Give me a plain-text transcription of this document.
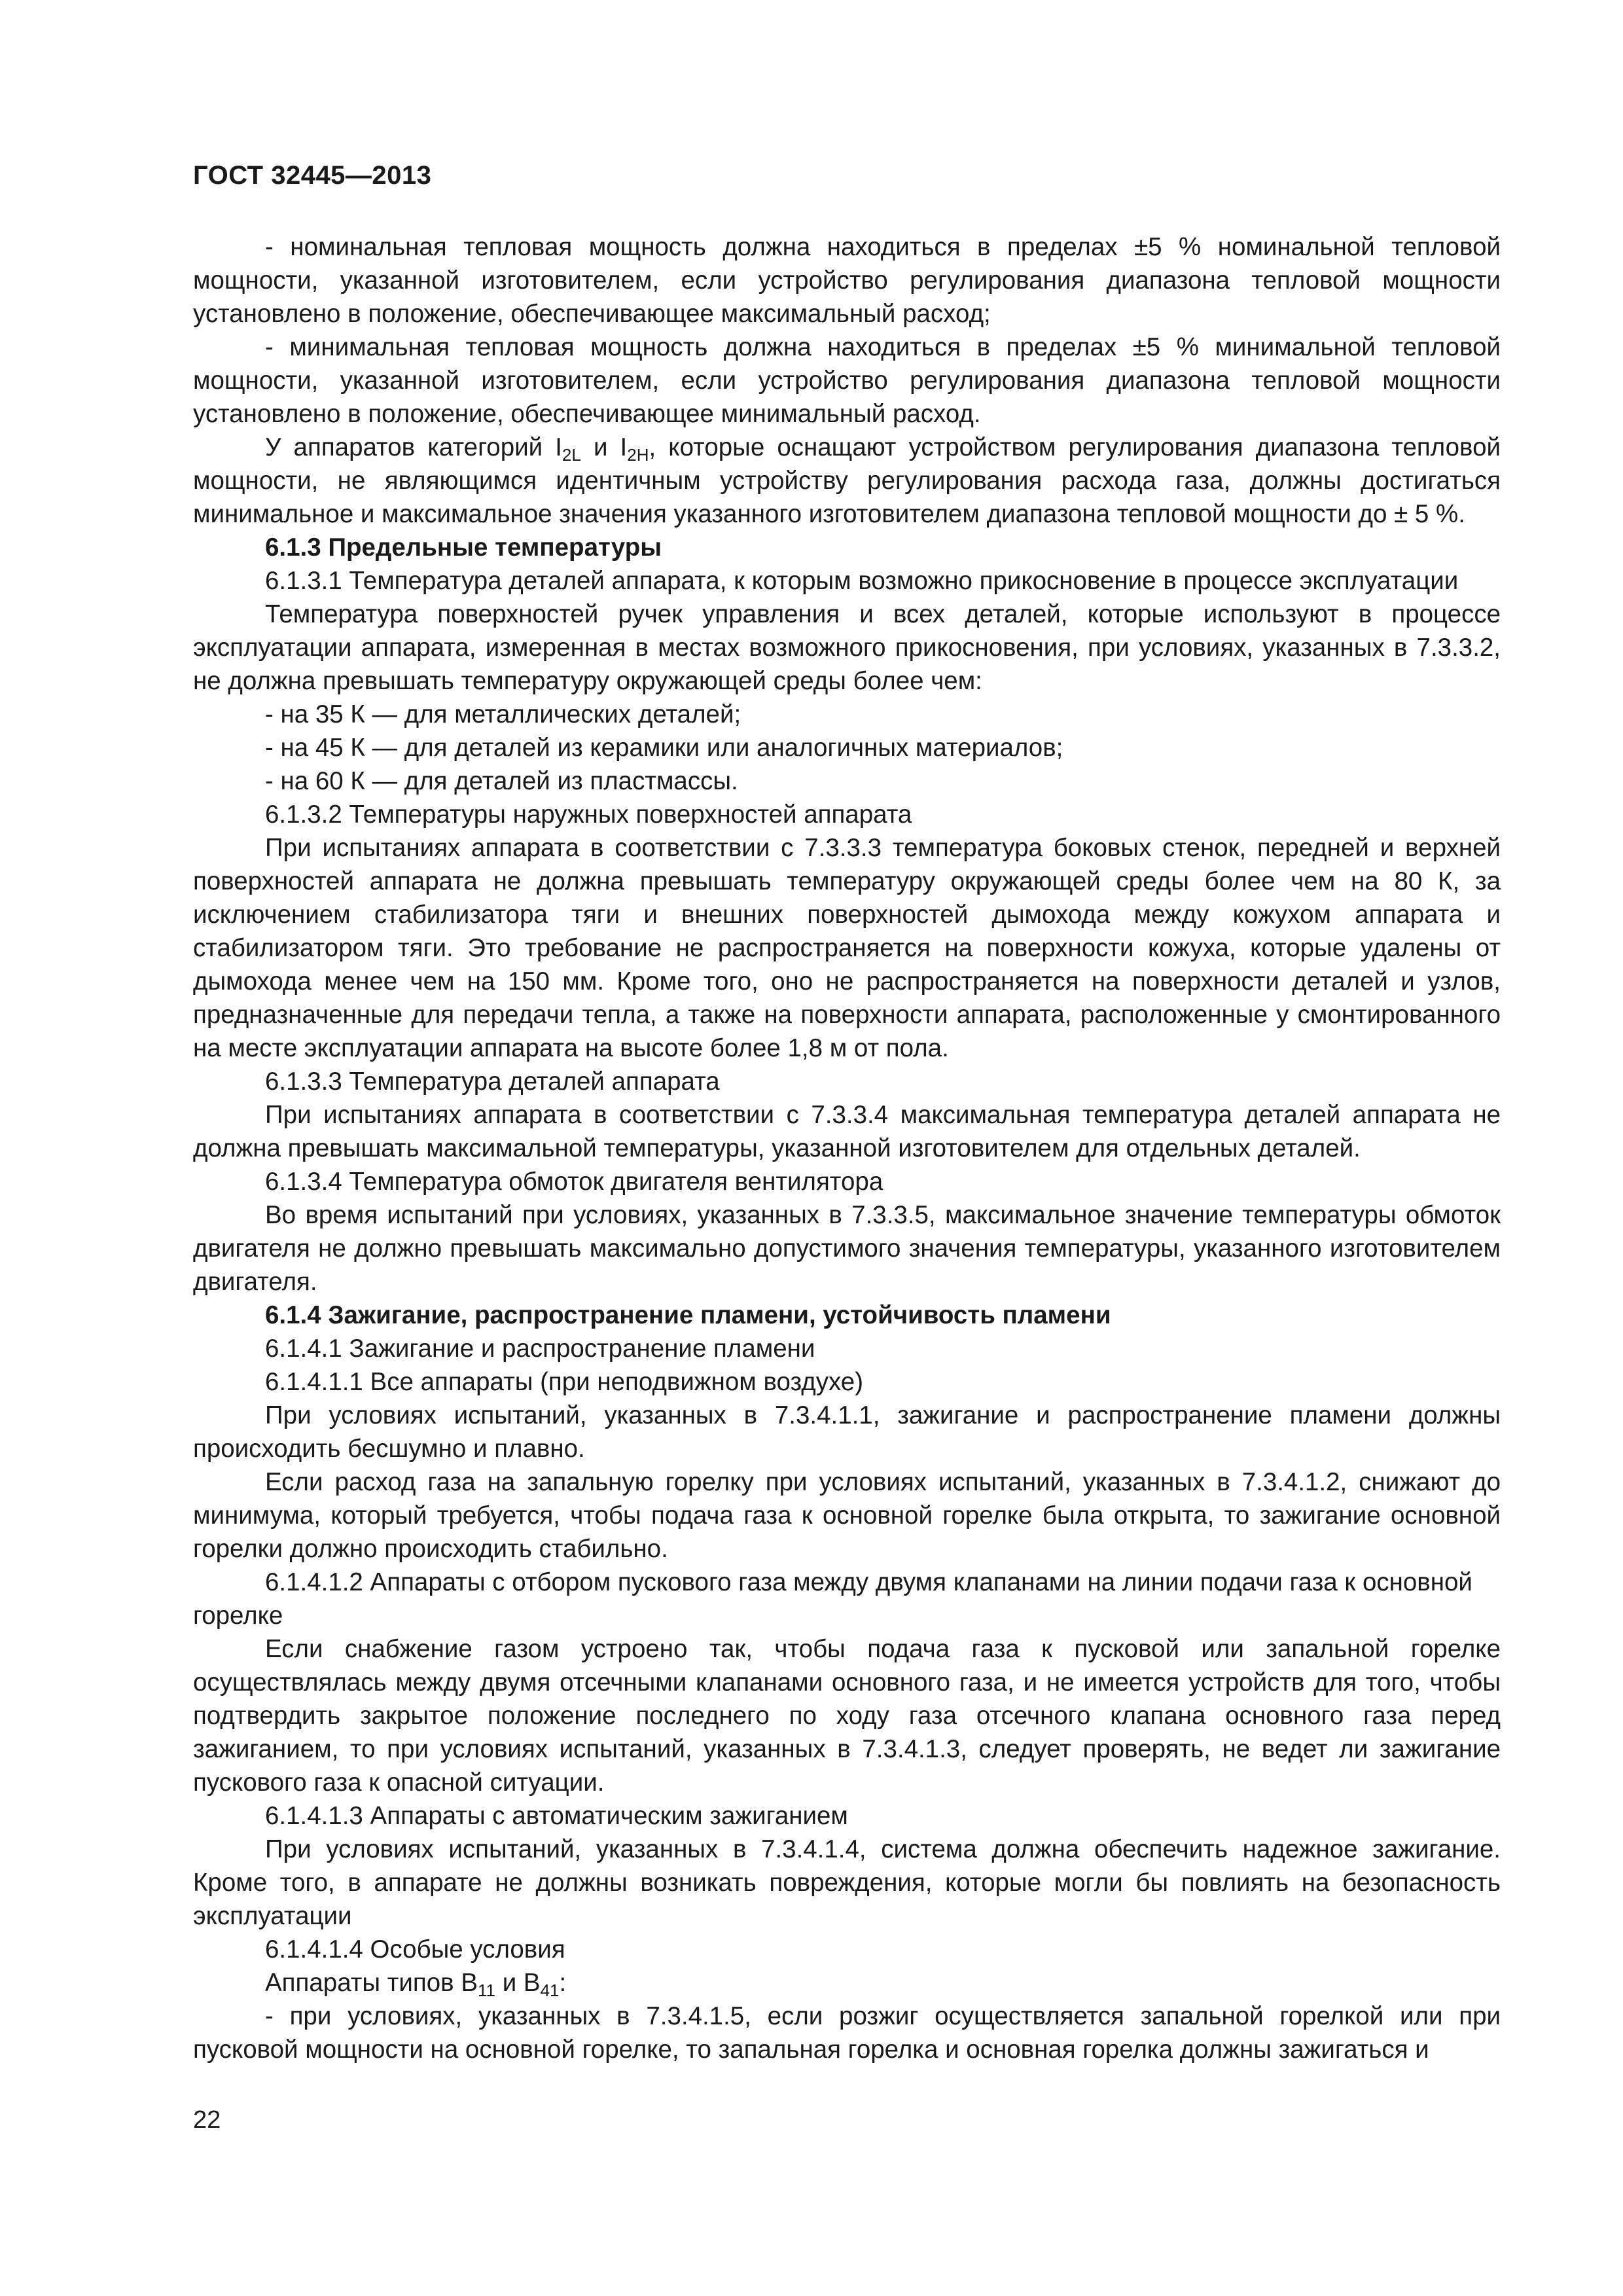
ГОСТ 32445—2013

- номинальная тепловая мощность должна находиться в пределах ±5 % номинальной тепловой мощности, указанной изготовителем, если устройство регулирования диапазона тепловой мощности установлено в положение, обеспечивающее максимальный расход;

- минимальная тепловая мощность должна находиться в пределах ±5 % минимальной тепловой мощности, указанной изготовителем, если устройство регулирования диапазона тепловой мощности установлено в положение, обеспечивающее минимальный расход.

У аппаратов категорий $I_{2L}$ и $I_{2H}$, которые оснащают устройством регулирования диапазона тепловой мощности, не являющимся идентичным устройству регулирования расхода газа, должны достигаться минимальное и максимальное значения указанного изготовителем диапазона тепловой мощности до ± 5 %.

6.1.3 Предельные температуры

6.1.3.1 Температура деталей аппарата, к которым возможно прикосновение в процессе эксплуатации

Температура поверхностей ручек управления и всех деталей, которые используют в процессе эксплуатации аппарата, измеренная в местах возможного прикосновения, при условиях, указанных в 7.3.3.2, не должна превышать температуру окружающей среды более чем:

- на 35 К — для металлических деталей;

- на 45 К — для деталей из керамики или аналогичных материалов;

- на 60 К — для деталей из пластмассы.

6.1.3.2 Температуры наружных поверхностей аппарата

При испытаниях аппарата в соответствии с 7.3.3.3 температура боковых стенок, передней и верхней поверхностей аппарата не должна превышать температуру окружающей среды более чем на 80 К, за исключением стабилизатора тяги и внешних поверхностей дымохода между кожухом аппарата и стабилизатором тяги. Это требование не распространяется на поверхности кожуха, которые удалены от дымохода менее чем на 150 мм. Кроме того, оно не распространяется на поверхности деталей и узлов, предназначенные для передачи тепла, а также на поверхности аппарата, расположенные у смонтированного на месте эксплуатации аппарата на высоте более 1,8 м от пола.

6.1.3.3 Температура деталей аппарата

При испытаниях аппарата в соответствии с 7.3.3.4 максимальная температура деталей аппарата не должна превышать максимальной температуры, указанной изготовителем для отдельных деталей.

6.1.3.4 Температура обмоток двигателя вентилятора

Во время испытаний при условиях, указанных в 7.3.3.5, максимальное значение температуры обмоток двигателя не должно превышать максимально допустимого значения температуры, указанного изготовителем двигателя.

6.1.4 Зажигание, распространение пламени, устойчивость пламени

6.1.4.1 Зажигание и распространение пламени

6.1.4.1.1 Все аппараты (при неподвижном воздухе)

При условиях испытаний, указанных в 7.3.4.1.1, зажигание и распространение пламени должны происходить бесшумно и плавно.

Если расход газа на запальную горелку при условиях испытаний, указанных в 7.3.4.1.2, снижают до минимума, который требуется, чтобы подача газа к основной горелке была открыта, то зажигание основной горелки должно происходить стабильно.

6.1.4.1.2 Аппараты с отбором пускового газа между двумя клапанами на линии подачи газа к основной горелке

Если снабжение газом устроено так, чтобы подача газа к пусковой или запальной горелке осуществлялась между двумя отсечными клапанами основного газа, и не имеется устройств для того, чтобы подтвердить закрытое положение последнего по ходу газа отсечного клапана основного газа перед зажиганием, то при условиях испытаний, указанных в 7.3.4.1.3, следует проверять, не ведет ли зажигание пускового газа к опасной ситуации.

6.1.4.1.3 Аппараты с автоматическим зажиганием

При условиях испытаний, указанных в 7.3.4.1.4, система должна обеспечить надежное зажигание. Кроме того, в аппарате не должны возникать повреждения, которые могли бы повлиять на безопасность эксплуатации

6.1.4.1.4 Особые условия

Аппараты типов $В_{11}$ и $В_{41}$:

- при условиях, указанных в 7.3.4.1.5, если розжиг осуществляется запальной горелкой или при пусковой мощности на основной горелке, то запальная горелка и основная горелка должны зажигаться и

22
